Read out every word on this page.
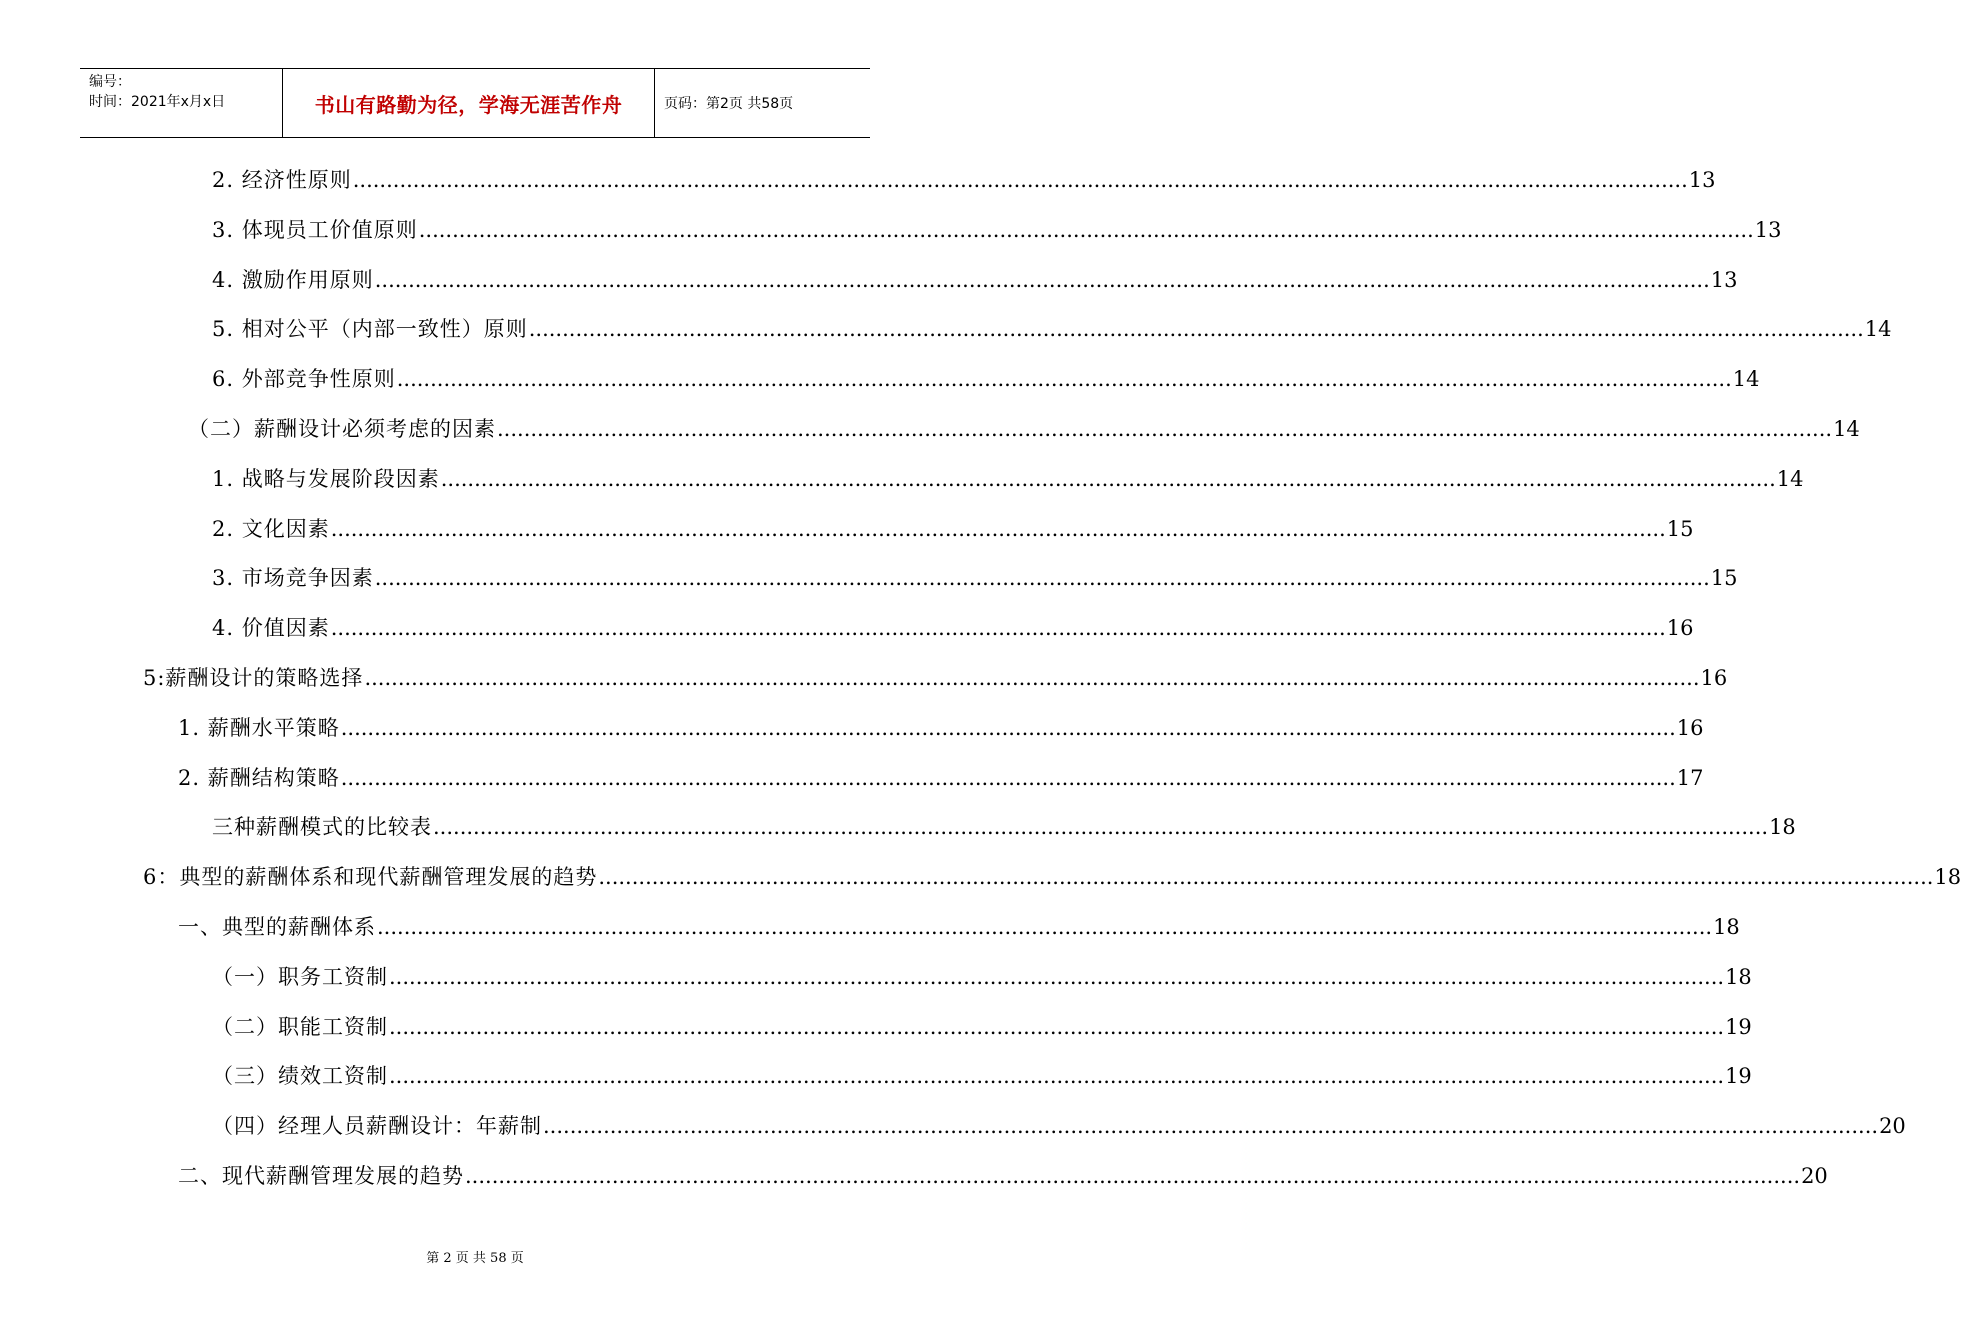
编号：
时间：2021年x月x日	书山有路勤为径，学海无涯苦作舟	页码：第2页 共58页
2. 经济性原则 ........................................................................................................................................................................................................ 13
3. 体现员工价值原则 ........................................................................................................................................................................................................ 13
4. 激励作用原则 ........................................................................................................................................................................................................ 13
5. 相对公平（内部一致性）原则 ........................................................................................................................................................................................................ 14
6. 外部竞争性原则 ........................................................................................................................................................................................................ 14
（二）薪酬设计必须考虑的因素 ........................................................................................................................................................................................................ 14
1. 战略与发展阶段因素 ........................................................................................................................................................................................................ 14
2. 文化因素 ........................................................................................................................................................................................................ 15
3. 市场竞争因素 ........................................................................................................................................................................................................ 15
4. 价值因素 ........................................................................................................................................................................................................ 16
5:薪酬设计的策略选择 ........................................................................................................................................................................................................ 16
1. 薪酬水平策略 ........................................................................................................................................................................................................ 16
2. 薪酬结构策略 ........................................................................................................................................................................................................ 17
三种薪酬模式的比较表 ........................................................................................................................................................................................................ 18
6：典型的薪酬体系和现代薪酬管理发展的趋势 ........................................................................................................................................................................................................ 18
一、典型的薪酬体系 ........................................................................................................................................................................................................ 18
（一）职务工资制 ........................................................................................................................................................................................................ 18
（二）职能工资制 ........................................................................................................................................................................................................ 19
（三）绩效工资制 ........................................................................................................................................................................................................ 19
（四）经理人员薪酬设计：年薪制 ........................................................................................................................................................................................................ 20
二、现代薪酬管理发展的趋势 ........................................................................................................................................................................................................ 20
第 2 页 共 58 页
